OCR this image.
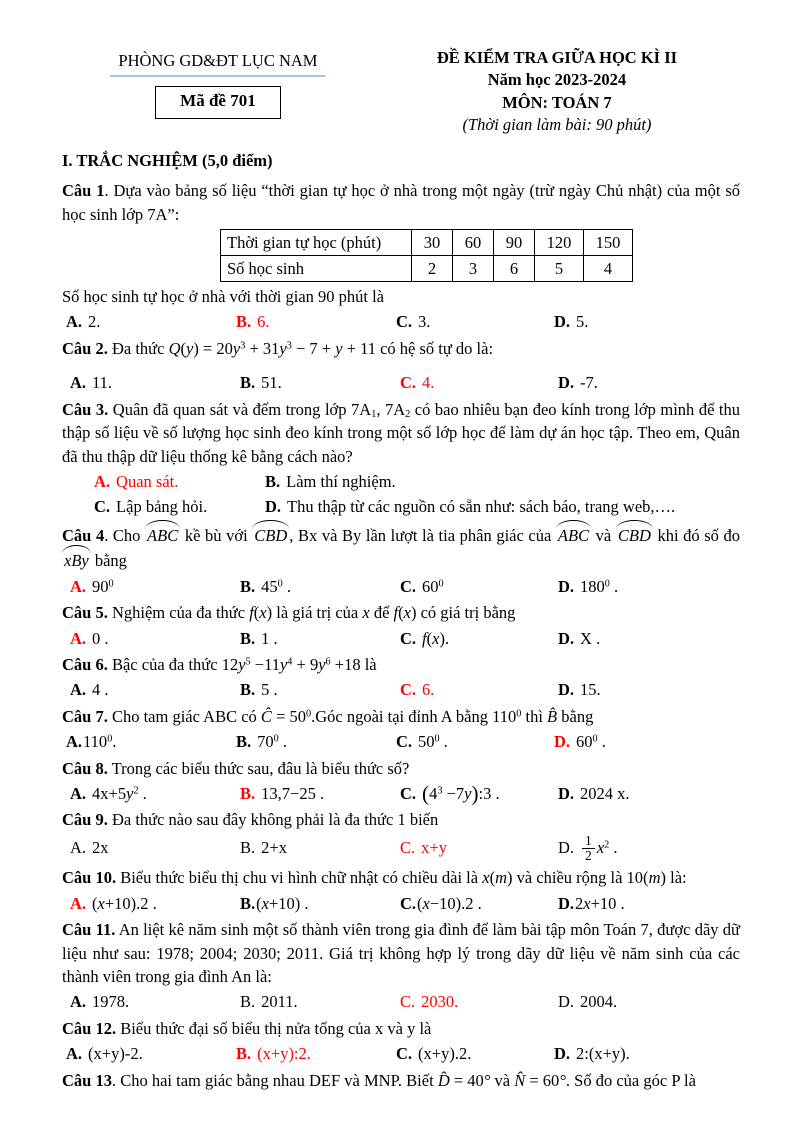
PHÒNG GD&ĐT LỤC NAM
Mã đề 701
ĐỀ KIỂM TRA GIỮA HỌC KÌ II
Năm học 2023-2024
MÔN: TOÁN 7
(Thời gian làm bài: 90 phút)
I. TRẮC NGHIỆM (5,0 điểm)

Câu 1. Dựa vào bảng số liệu “thời gian tự học ở nhà trong một ngày (trừ ngày Chủ nhật) của một số học sinh lớp 7A”:

Thời gian tự học (phút)	30	60	90	120	150
Số học sinh	2	3	6	5	4

Số học sinh tự học ở nhà với thời gian 90 phút là

A. 2.	B. 6.	C. 3.	D. 5.

Câu 2. Đa thức $Q(y) = 20y^3 + 31y^3 - 7 + y + 11$ có hệ số tự do là:

A. 11.	B. 51.	C. 4.	D. -7.

Câu 3. Quân đã quan sát và đếm trong lớp $7A_1$, $7A_2$ có bao nhiêu bạn đeo kính trong lớp mình để thu thập số liệu về số lượng học sinh đeo kính trong một số lớp học để làm dự án học tập. Theo em, Quân đã thu thập dữ liệu thống kê bằng cách nào?

A. Quan sát.	B. Làm thí nghiệm.
C. Lập bảng hỏi.	D. Thu thập từ các nguồn có sẵn như: sách báo, trang web,….

Câu 4. Cho ABC kề bù với CBD , Bx và By lần lượt là tia phân giác của ABC và CBD khi đó số đo xBy bằng

A. $90^0$	B. $45^0$ .	C. $60^0$	D. $180^0$ .

Câu 5. Nghiệm của đa thức f(x) là giá trị của x để f(x) có giá trị bằng

A. 0 .	B. 1 .	C. f(x).	D. X .

Câu 6. Bậc của đa thức $12y^5 -11y^4 + 9y^6 +18$ là

A. 4 .	B. 5 .	C. 6.	D. 15.

Câu 7. Cho tam giác ABC có Ĉ = $50^0.Góc$ ngoài tại đỉnh A bằng $110^0$ thì B̂ bằng

A.110$^0$.	B. $70^0$ .	C. $50^0$ .	D. $60^0$ .

Câu 8. Trong các biểu thức sau, đâu là biểu thức số?

A. $4x+5y^2$ .	B. 13,7−25 .	C. ($4^3$ −7y):3 .	D. 2024 x.

Câu 9. Đa thức nào sau đây không phải là đa thức 1 biến

A. 2x	B. 2+x	C. x+y	D. $\frac{1}{2} x^2$ .

Câu 10. Biểu thức biểu thị chu vi hình chữ nhật có chiều dài là x(m) và chiều rộng là 10(m) là:

A. (x+10).2 .	B.(x+10) .	C.(x−10).2 .	D.2x+10 .

Câu 11. An liệt kê năm sinh một số thành viên trong gia đình để làm bài tập môn Toán 7, được dãy dữ liệu như sau: 1978; 2004; 2030; 2011. Giá trị không hợp lý trong dãy dữ liệu về năm sinh của các thành viên trong gia đình An là:

A. 1978.	B. 2011.	C. 2030.	D. 2004.

Câu 12. Biểu thức đại số biểu thị nửa tổng của x và y là

A. (x+y)-2.	B. (x+y):2.	C. (x+y).2.	D. 2:(x+y).

Câu 13. Cho hai tam giác bằng nhau DEF và MNP. Biết D̂ = 40° và N̂ = 60°. Số đo của góc P là
